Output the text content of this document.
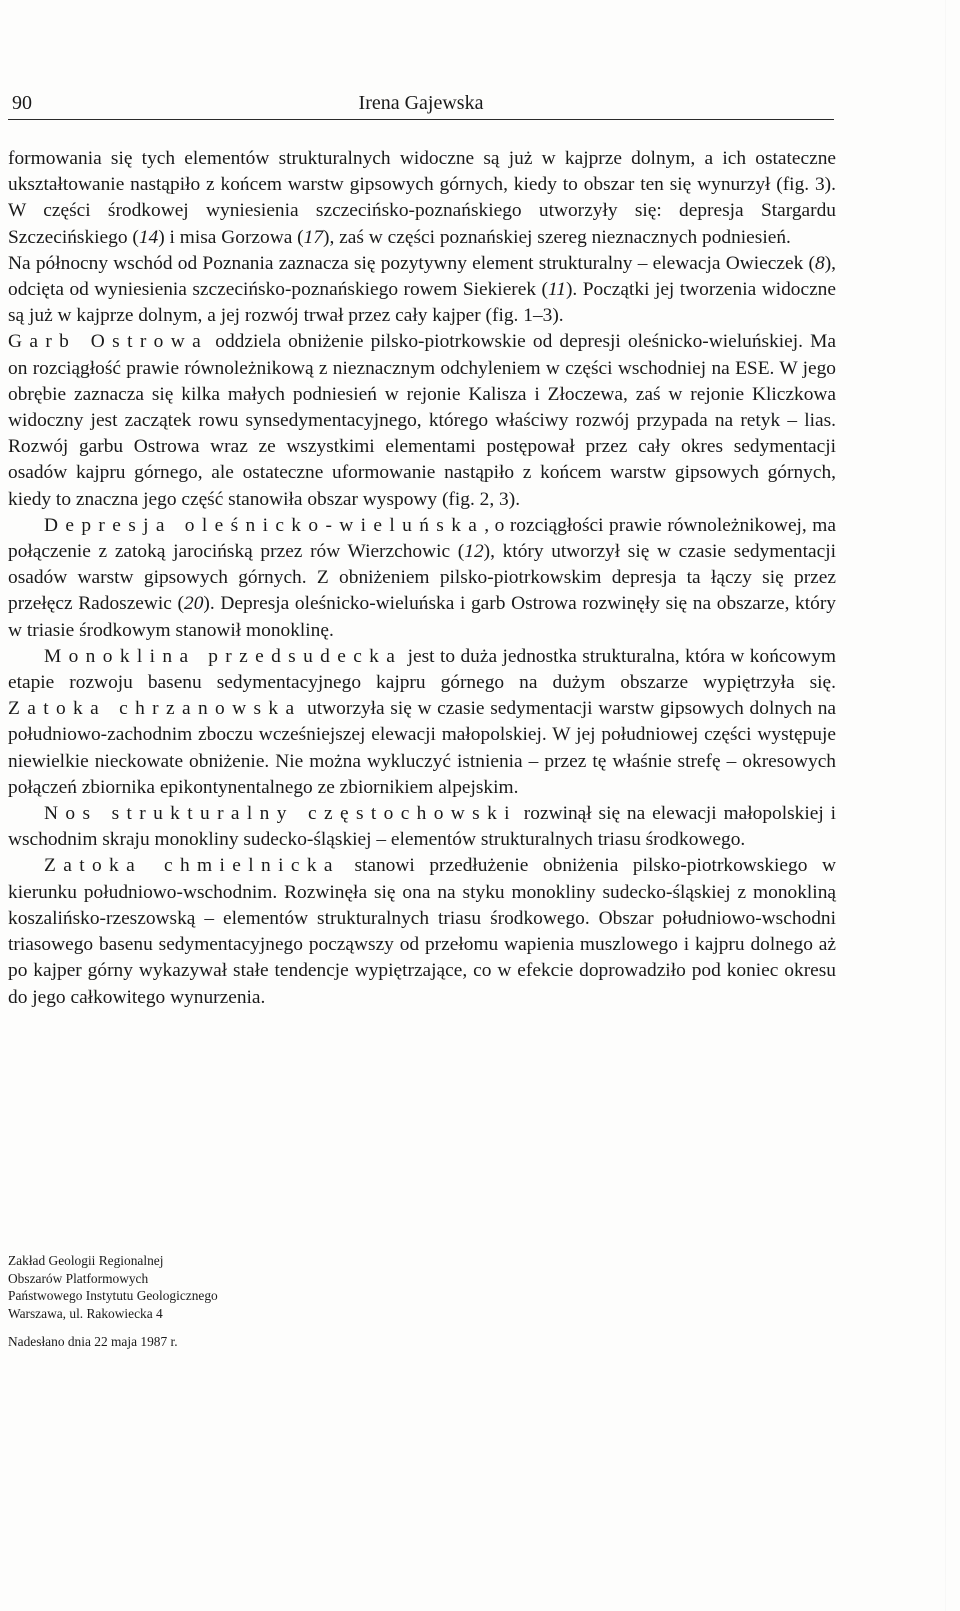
90	Irena Gajewska

formowania się tych elementów strukturalnych widoczne są już w kajprze dolnym, a ich ostateczne ukształtowanie nastąpiło z końcem warstw gipsowych górnych, kiedy to obszar ten się wynurzył (fig. 3). W części środkowej wyniesienia szczecińsko-poznańskiego utworzyły się: depresja Stargardu Szczecińskiego (14) i misa Gorzowa (17), zaś w części poznańskiej szereg nieznacznych podniesień.

Na północny wschód od Poznania zaznacza się pozytywny element strukturalny – elewacja Owieczek (8), odcięta od wyniesienia szczecińsko-poznańskiego rowem Siekierek (11). Początki jej tworzenia widoczne są już w kajprze dolnym, a jej rozwój trwał przez cały kajper (fig. 1–3).

Garb Ostrowa oddziela obniżenie pilsko-piotrkowskie od depresji oleśnicko-wieluńskiej. Ma on rozciągłość prawie równoleżnikową z nieznacznym odchyleniem w części wschodniej na ESE. W jego obrębie zaznacza się kilka małych podniesień w rejonie Kalisza i Złoczewa, zaś w rejonie Kliczkowa widoczny jest zaczątek rowu synsedymentacyjnego, którego właściwy rozwój przypada na retyk – lias. Rozwój garbu Ostrowa wraz ze wszystkimi elementami postępował przez cały okres sedymentacji osadów kajpru górnego, ale ostateczne uformowanie nastąpiło z końcem warstw gipsowych górnych, kiedy to znaczna jego część stanowiła obszar wyspowy (fig. 2, 3).

Depresja oleśnicko-wieluńska, o rozciągłości prawie równoleżnikowej, ma połączenie z zatoką jarocińską przez rów Wierzchowic (12), który utworzył się w czasie sedymentacji osadów warstw gipsowych górnych. Z obniżeniem pilsko-piotrkowskim depresja ta łączy się przez przełęcz Radoszewic (20). Depresja oleśnicko-wieluńska i garb Ostrowa rozwinęły się na obszarze, który w triasie środkowym stanowił monoklinę.

Monoklina przedsudecka jest to duża jednostka strukturalna, która w końcowym etapie rozwoju basenu sedymentacyjnego kajpru górnego na dużym obszarze wypiętrzyła się. Zatoka chrzanowska utworzyła się w czasie sedymentacji warstw gipsowych dolnych na południowo-zachodnim zboczu wcześniejszej elewacji małopolskiej. W jej południowej części występuje niewielkie nieckowate obniżenie. Nie można wykluczyć istnienia – przez tę właśnie strefę – okresowych połączeń zbiornika epikontynentalnego ze zbiornikiem alpejskim.

Nos strukturalny częstochowski rozwinął się na elewacji małopolskiej i wschodnim skraju monokliny sudecko-śląskiej – elementów strukturalnych triasu środkowego.

Zatoka chmielnicka stanowi przedłużenie obniżenia pilsko-piotrkowskiego w kierunku południowo-wschodnim. Rozwinęła się ona na styku monokliny sudecko-śląskiej z monokliną koszalińsko-rzeszowską – elementów strukturalnych triasu środkowego. Obszar południowo-wschodni triasowego basenu sedymentacyjnego począwszy od przełomu wapienia muszlowego i kajpru dolnego aż po kajper górny wykazywał stałe tendencje wypiętrzające, co w efekcie doprowadziło pod koniec okresu do jego całkowitego wynurzenia.

Zakład Geologii Regionalnej
Obszarów Platformowych
Państwowego Instytutu Geologicznego
Warszawa, ul. Rakowiecka 4
Nadesłano dnia 22 maja 1987 r.
